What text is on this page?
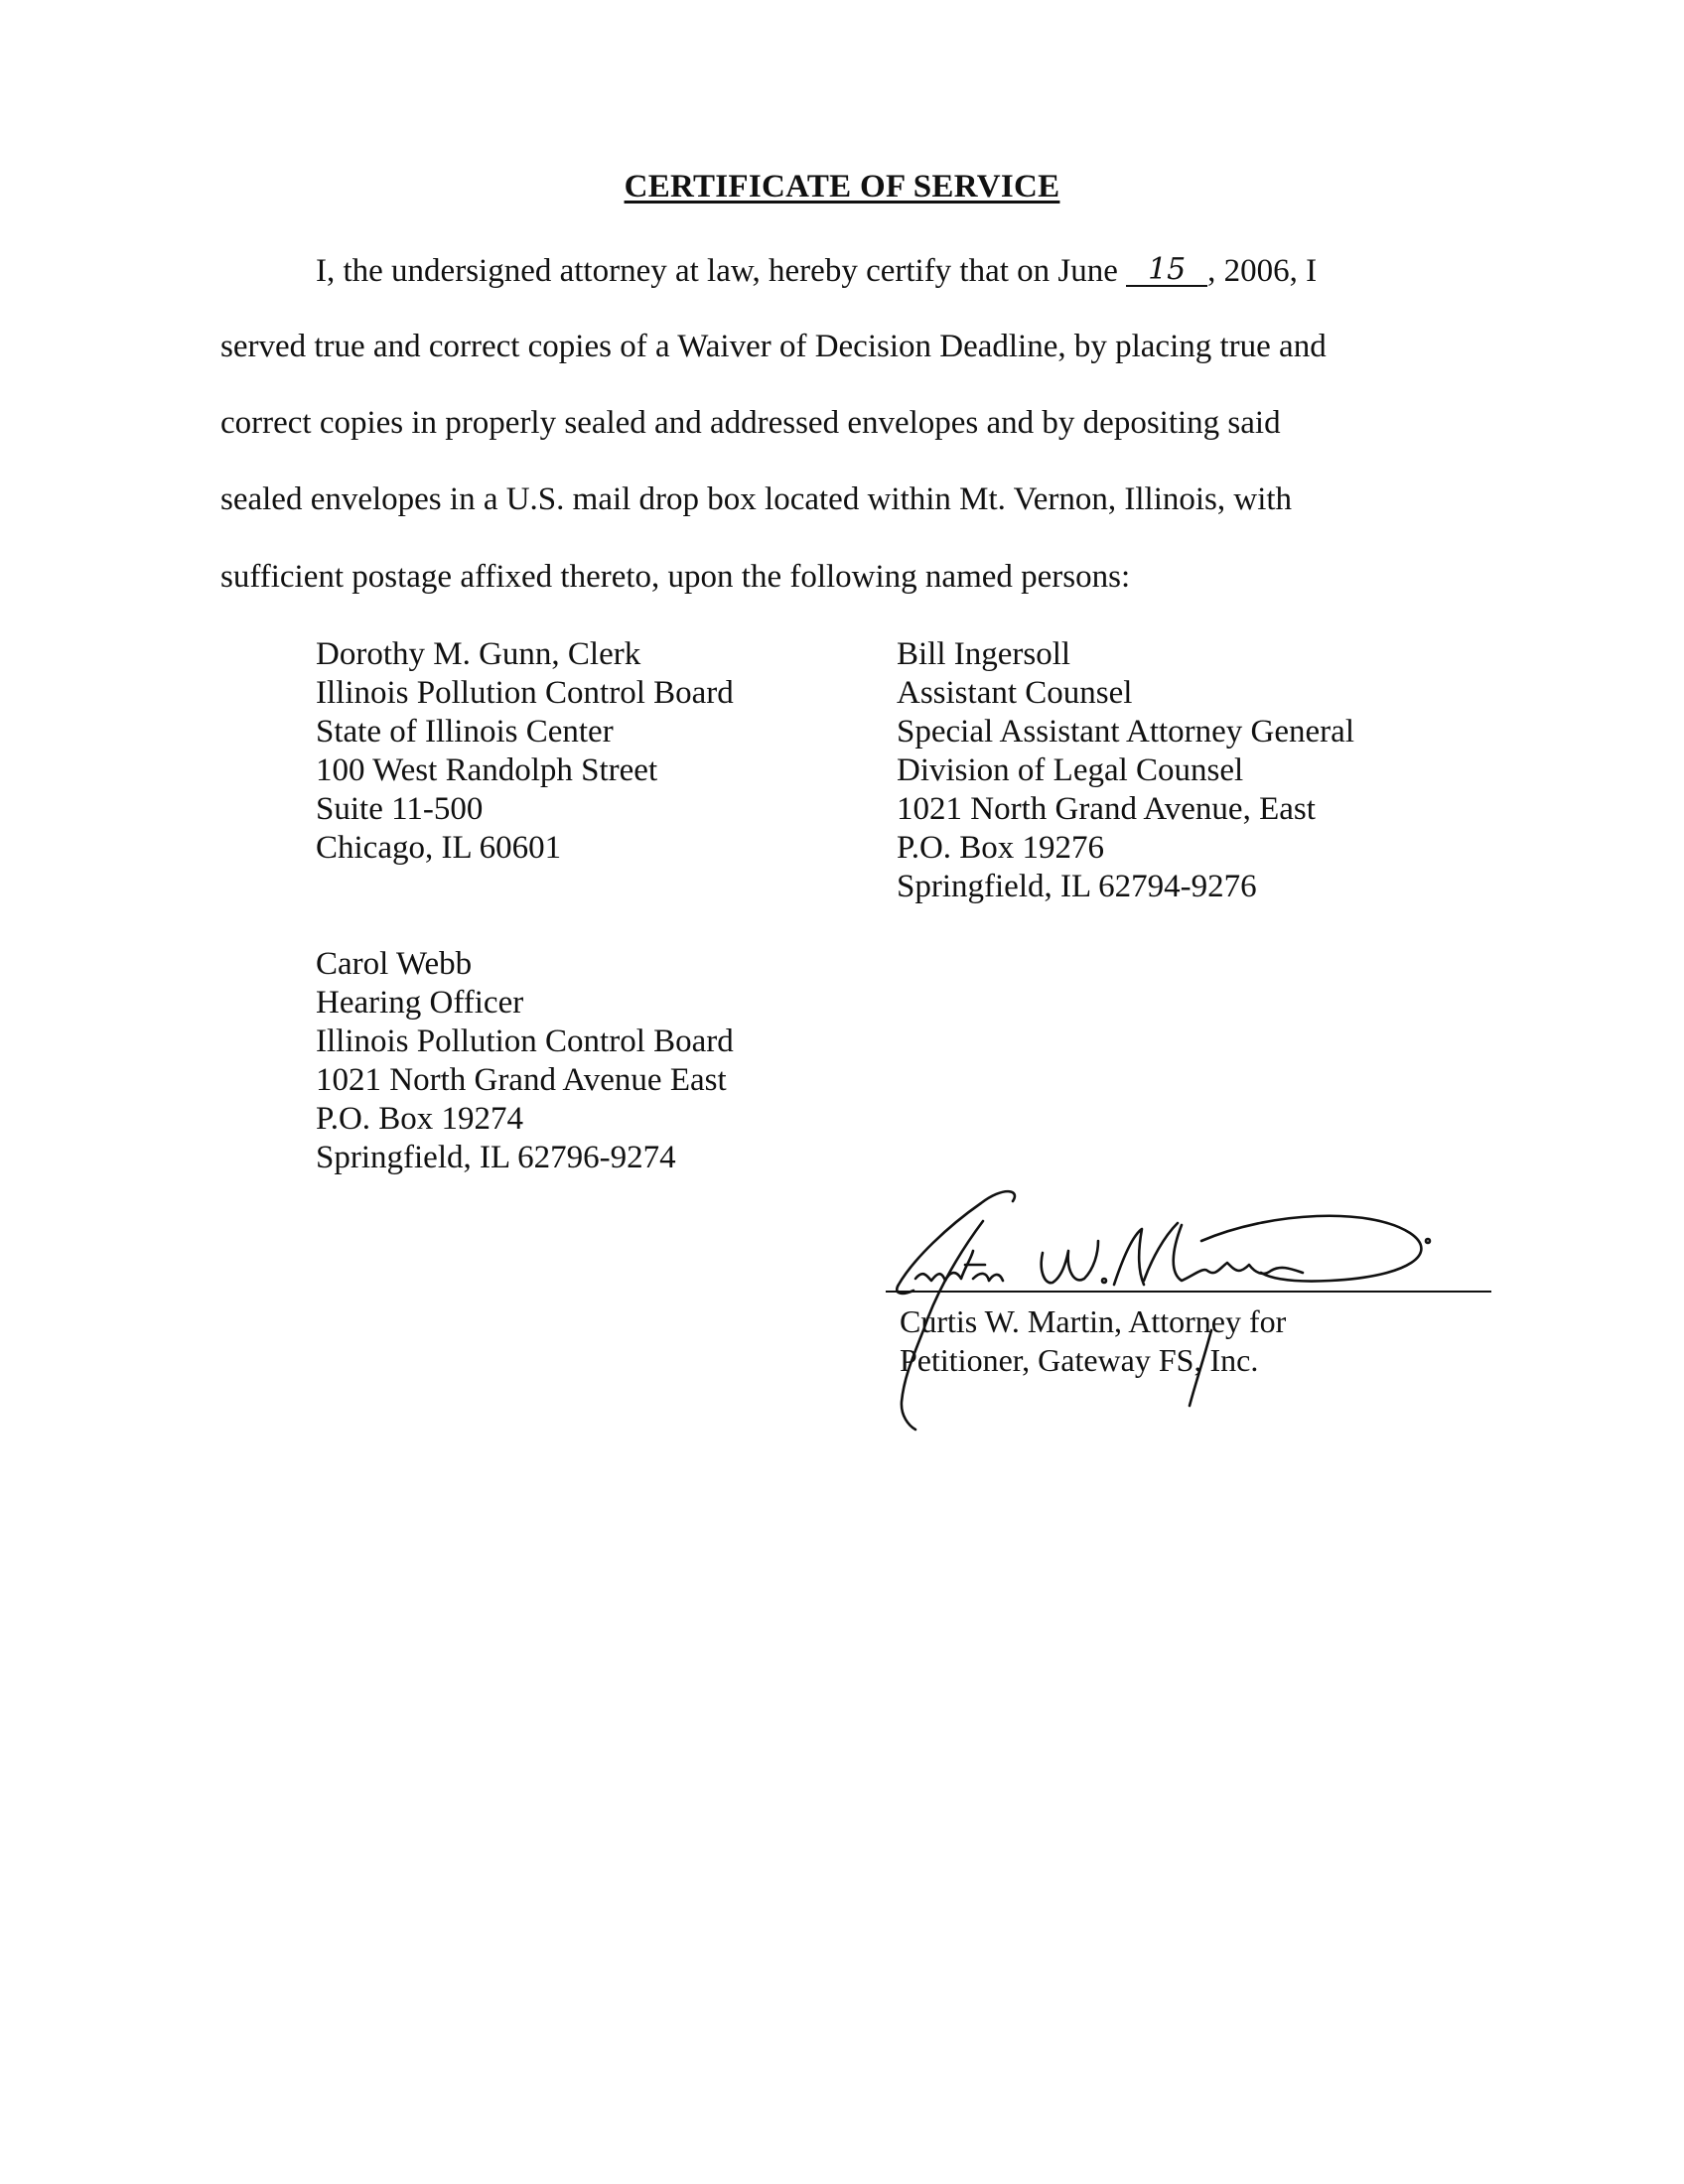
CERTIFICATE OF SERVICE
I, the undersigned attorney at law, hereby certify that on June 15 , 2006, I
served true and correct copies of a Waiver of Decision Deadline, by placing true and
correct copies in properly sealed and addressed envelopes and by depositing said
sealed envelopes in a U.S. mail drop box located within Mt. Vernon, Illinois, with
sufficient postage affixed thereto, upon the following named persons:
Dorothy M. Gunn, Clerk
Illinois Pollution Control Board
State of Illinois Center
100 West Randolph Street
Suite 11-500
Chicago, IL 60601
Bill Ingersoll
Assistant Counsel
Special Assistant Attorney General
Division of Legal Counsel
1021 North Grand Avenue, East
P.O. Box 19276
Springfield, IL 62794-9276
Carol Webb
Hearing Officer
Illinois Pollution Control Board
1021 North Grand Avenue East
P.O. Box 19274
Springfield, IL 62796-9274
Curtis W. Martin, Attorney for
Petitioner, Gateway FS, Inc.
